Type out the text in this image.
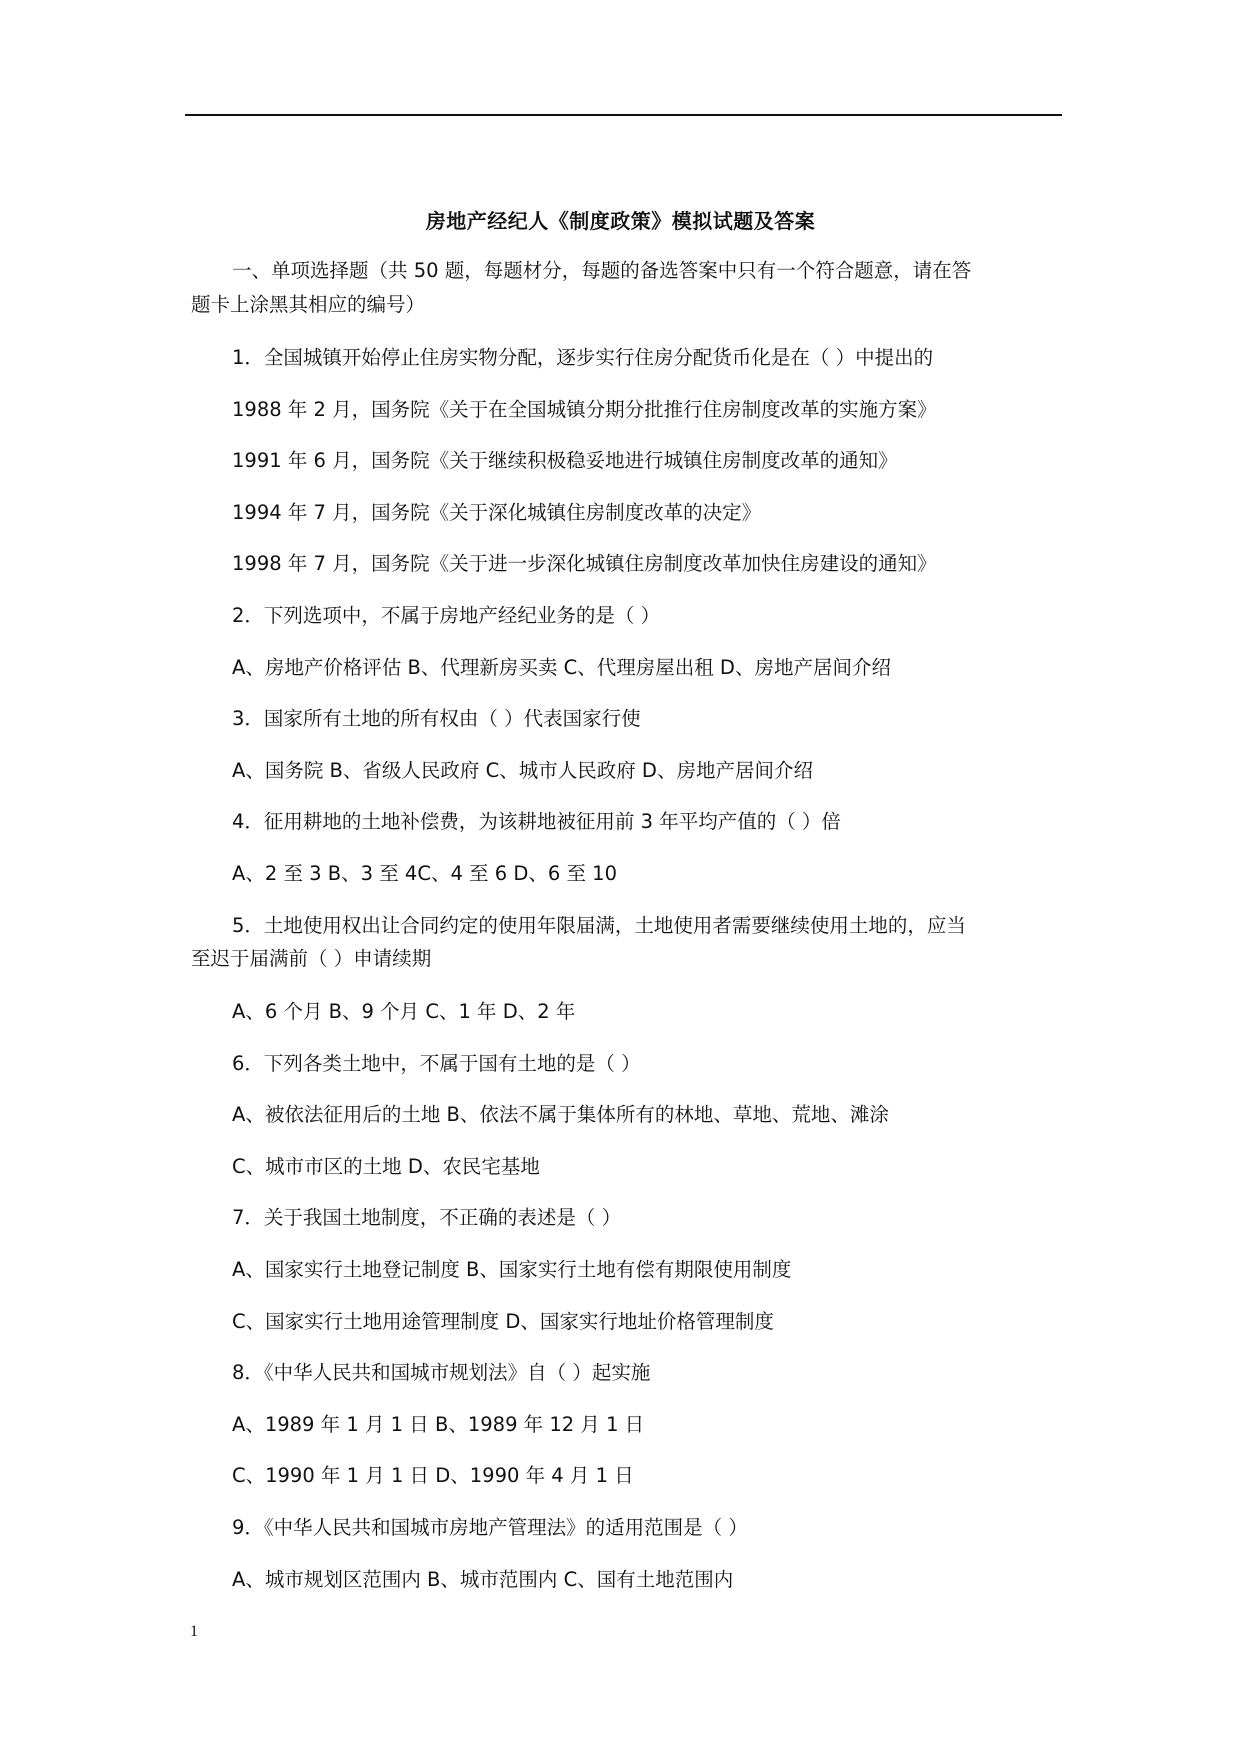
房地产经纪人《制度政策》模拟试题及答案
一、单项选择题（共 50 题，每题材分，每题的备选答案中只有一个符合题意，请在答
题卡上涂黑其相应的编号）
1．全国城镇开始停止住房实物分配，逐步实行住房分配货币化是在（ ）中提出的
1988 年 2 月，国务院《关于在全国城镇分期分批推行住房制度改革的实施方案》
1991 年 6 月，国务院《关于继续积极稳妥地进行城镇住房制度改革的通知》
1994 年 7 月，国务院《关于深化城镇住房制度改革的决定》
1998 年 7 月，国务院《关于进一步深化城镇住房制度改革加快住房建设的通知》
2．下列选项中，不属于房地产经纪业务的是（ ）
A、房地产价格评估 B、代理新房买卖 C、代理房屋出租 D、房地产居间介绍
3．国家所有土地的所有权由（ ）代表国家行使
A、国务院 B、省级人民政府 C、城市人民政府 D、房地产居间介绍
4．征用耕地的土地补偿费，为该耕地被征用前 3 年平均产值的（ ）倍
A、2 至 3 B、3 至 4C、4 至 6 D、6 至 10
5．土地使用权出让合同约定的使用年限届满，土地使用者需要继续使用土地的，应当
至迟于届满前（ ）申请续期
A、6 个月 B、9 个月 C、1 年 D、2 年
6．下列各类土地中，不属于国有土地的是（ ）
A、被依法征用后的土地 B、依法不属于集体所有的林地、草地、荒地、滩涂
C、城市市区的土地 D、农民宅基地
7．关于我国土地制度，不正确的表述是（ ）
A、国家实行土地登记制度 B、国家实行土地有偿有期限使用制度
C、国家实行土地用途管理制度 D、国家实行地址价格管理制度
8．《中华人民共和国城市规划法》自（ ）起实施
A、1989 年 1 月 1 日 B、1989 年 12 月 1 日
C、1990 年 1 月 1 日 D、1990 年 4 月 1 日
9．《中华人民共和国城市房地产管理法》的适用范围是（ ）
A、城市规划区范围内 B、城市范围内 C、国有土地范围内
1
